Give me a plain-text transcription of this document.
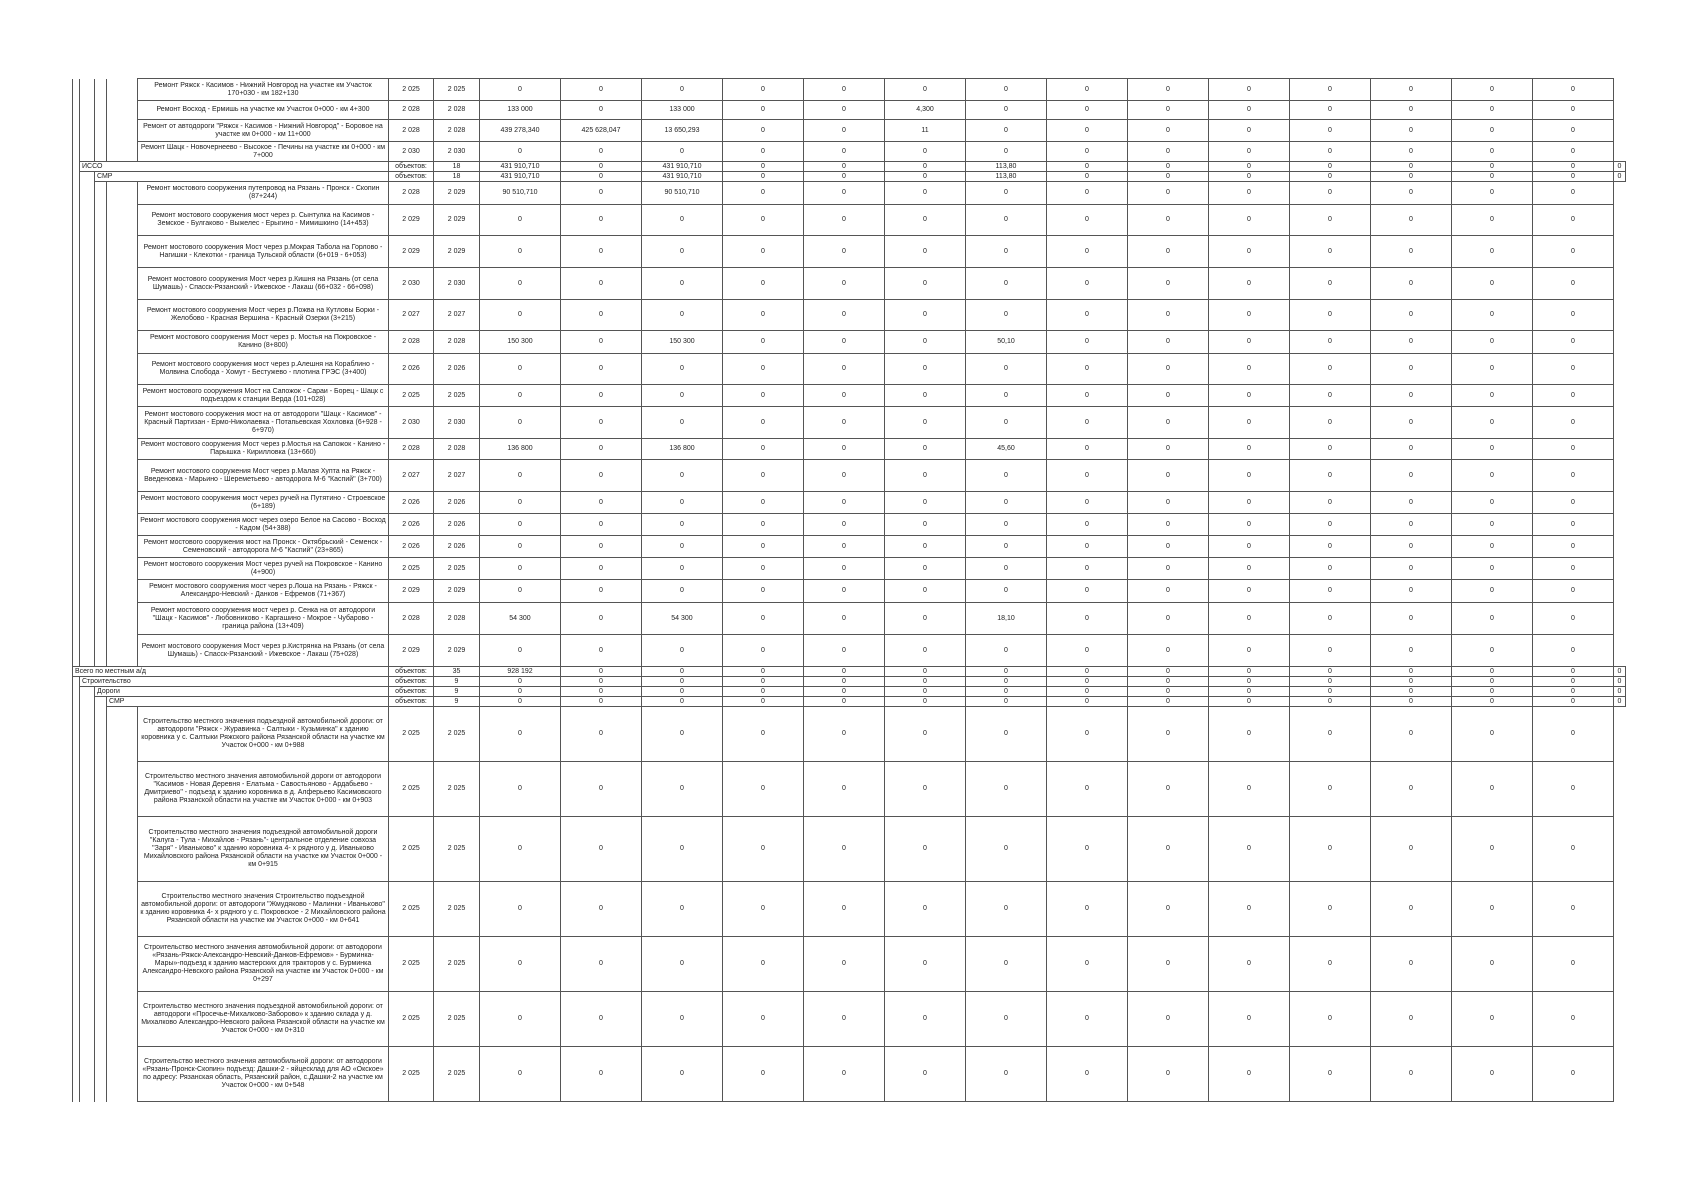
				Ремонт Ряжск - Касимов - Нижний Новгород на участке км Участок 170+030 - км 182+130	2 025	2 025	0	0	0	0	0	0	0	0	0	0	0	0	0	0	
				Ремонт Восход - Ермишь на участке км Участок 0+000 - км 4+300	2 028	2 028	133 000	0	133 000	0	0	4,300	0	0	0	0	0	0	0	0	
				Ремонт от автодороги "Ряжск - Касимов - Нижний Новгород" - Боровое на участке км 0+000 - км 11+000	2 028	2 028	439 278,340	425 628,047	13 650,293	0	0	11	0	0	0	0	0	0	0	0	
				Ремонт Шацк - Новочернеево - Высокое - Печины на участке км 0+000 - км 7+000	2 030	2 030	0	0	0	0	0	0	0	0	0	0	0	0	0	0	
	ИССО				объектов:	18	431 910,710	0	431 910,710	0	0	0	113,80	0	0	0	0	0	0	0	0
		СМР			объектов:	18	431 910,710	0	431 910,710	0	0	0	113,80	0	0	0	0	0	0	0	0
				Ремонт мостового сооружения путепровод на Рязань - Пронск - Скопин (87+244)	2 028	2 029	90 510,710	0	90 510,710	0	0	0	0	0	0	0	0	0	0	0	
				Ремонт мостового сооружения мост через р. Сынтулка на Касимов - Земское - Булгаково - Выжелес - Ерыгино - Мимишкино (14+453)	2 029	2 029	0	0	0	0	0	0	0	0	0	0	0	0	0	0	
				Ремонт мостового сооружения Мост через р.Мокрая Табола на Горлово - Нагишки - Клекотки - граница Тульской области (6+019 - 6+053)	2 029	2 029	0	0	0	0	0	0	0	0	0	0	0	0	0	0	
				Ремонт мостового сооружения Мост через р.Кишня на Рязань (от села Шумашь) - Спасск-Рязанский - Ижевское - Лакаш (66+032 - 66+098)	2 030	2 030	0	0	0	0	0	0	0	0	0	0	0	0	0	0	
				Ремонт мостового сооружения Мост через р.Пожва на Кутловы Борки - Желобово - Красная Вершина - Красный Озерки (3+215)	2 027	2 027	0	0	0	0	0	0	0	0	0	0	0	0	0	0	
				Ремонт мостового сооружения Мост через р. Мостья на Покровское - Канино (8+800)	2 028	2 028	150 300	0	150 300	0	0	0	50,10	0	0	0	0	0	0	0	
				Ремонт мостового сооружения мост через р.Алешня на Кораблино - Молвина Слобода - Хомут - Бестужево - плотина ГРЭС (3+400)	2 026	2 026	0	0	0	0	0	0	0	0	0	0	0	0	0	0	
				Ремонт мостового сооружения Мост на Сапожок - Сараи - Борец - Шацк с подъездом к станции Верда (101+028)	2 025	2 025	0	0	0	0	0	0	0	0	0	0	0	0	0	0	
				Ремонт мостового сооружения мост на от автодороги "Шацк - Касимов" - Красный Партизан - Ермо-Николаевка - Потапьевская Хохловка (6+928 - 6+970)	2 030	2 030	0	0	0	0	0	0	0	0	0	0	0	0	0	0	
				Ремонт мостового сооружения Мост через р.Мостья на Сапожок - Канино - Парышка - Кирилловка (13+660)	2 028	2 028	136 800	0	136 800	0	0	0	45,60	0	0	0	0	0	0	0	
				Ремонт мостового сооружения Мост через р.Малая Хупта на Ряжск - Введеновка - Марьино - Шереметьево - автодорога М-6 "Каспий" (3+700)	2 027	2 027	0	0	0	0	0	0	0	0	0	0	0	0	0	0	
				Ремонт мостового сооружения мост через ручей на Путятино - Строевское (6+189)	2 026	2 026	0	0	0	0	0	0	0	0	0	0	0	0	0	0	
				Ремонт мостового сооружения мост через озеро Белое на Сасово - Восход - Кадом (54+388)	2 026	2 026	0	0	0	0	0	0	0	0	0	0	0	0	0	0	
				Ремонт мостового сооружения мост на Пронск - Октябрьский - Семенск - Семеновский - автодорога М-6 "Каспий" (23+865)	2 026	2 026	0	0	0	0	0	0	0	0	0	0	0	0	0	0	
				Ремонт мостового сооружения Мост через ручей на Покровское - Канино (4+900)	2 025	2 025	0	0	0	0	0	0	0	0	0	0	0	0	0	0	
				Ремонт мостового сооружения мост через р.Лоша на Рязань - Ряжск - Александро-Невский - Данков - Ефремов (71+367)	2 029	2 029	0	0	0	0	0	0	0	0	0	0	0	0	0	0	
				Ремонт мостового сооружения мост через р. Сенка на от автодороги "Шацк - Касимов" - Любовниково - Каргашино - Мокрое - Чубарово - граница района (13+409)	2 028	2 028	54 300	0	54 300	0	0	0	18,10	0	0	0	0	0	0	0	
				Ремонт мостового сооружения Мост через р.Кистрянка на Рязань (от села Шумашь) - Спасск-Рязанский - Ижевское - Лакаш (75+028)	2 029	2 029	0	0	0	0	0	0	0	0	0	0	0	0	0	0	
Всего по местным а/д					объектов:	35	928 192	0	0	0	0	0	0	0	0	0	0	0	0	0	0
	Строительство				объектов:	9	0	0	0	0	0	0	0	0	0	0	0	0	0	0	0
		Дороги			объектов:	9	0	0	0	0	0	0	0	0	0	0	0	0	0	0	0
			СМР		объектов:	9	0	0	0	0	0	0	0	0	0	0	0	0	0	0	0
				Строительство местного значения подъездной автомобильной дороги: от автодороги "Ряжск - Журавинка - Салтыки - Кузьминка" к зданию коровника у с. Салтыки Ряжского района Рязанской области на участке км Участок 0+000 - км 0+988	2 025	2 025	0	0	0	0	0	0	0	0	0	0	0	0	0	0	
				Строительство местного значения автомобильной дороги от автодороги "Касимов - Новая Деревня - Елатьма - Савостьяново - Ардабьево - Дмитриево" - подъезд к зданию коровника в д. Алферьево Касимовского района Рязанской области на участке км Участок 0+000 - км 0+903	2 025	2 025	0	0	0	0	0	0	0	0	0	0	0	0	0	0	
				Строительство местного значения подъездной автомобильной дороги "Калуга - Тула - Михайлов - Рязань"- центральное отделение совхоза "Заря" - Иваньково" к зданию коровника 4- х рядного у д. Иваньково Михайловского района Рязанской области на участке км Участок 0+000 - км 0+915	2 025	2 025	0	0	0	0	0	0	0	0	0	0	0	0	0	0	
				Строительство местного значения Строительство подъездной автомобильной дороги: от автодороги "Жмудяково - Малинки - Иваньково" к зданию коровника 4- х рядного у с. Покровское - 2 Михайловского района Рязанской области на участке км Участок 0+000 - км 0+641	2 025	2 025	0	0	0	0	0	0	0	0	0	0	0	0	0	0	
				Строительство местного значения автомобильной дороги: от автодороги «Рязань-Ряжск-Александро-Невский-Данков-Ефремов» - Бурминка-Мары»-подъезд к зданию мастерских для тракторов у с. Бурминка Александро-Невского района Рязанской на участке км Участок 0+000 - км 0+297	2 025	2 025	0	0	0	0	0	0	0	0	0	0	0	0	0	0	
				Строительство местного значения подъездной автомобильной дороги: от автодороги «Просечье-Михалково-Заборово» к зданию склада у д. Михалково Александро-Невского района Рязанской области на участке км Участок 0+000 - км 0+310	2 025	2 025	0	0	0	0	0	0	0	0	0	0	0	0	0	0	
				Строительство местного значения автомобильной дороги: от автодороги «Рязань-Пронск-Скопин» подъезд: Дашки-2 - яйцесклад для АО «Окское» по адресу: Рязанская область, Рязанский район, с.Дашки-2 на участке км Участок 0+000 - км 0+548	2 025	2 025	0	0	0	0	0	0	0	0	0	0	0	0	0	0	
